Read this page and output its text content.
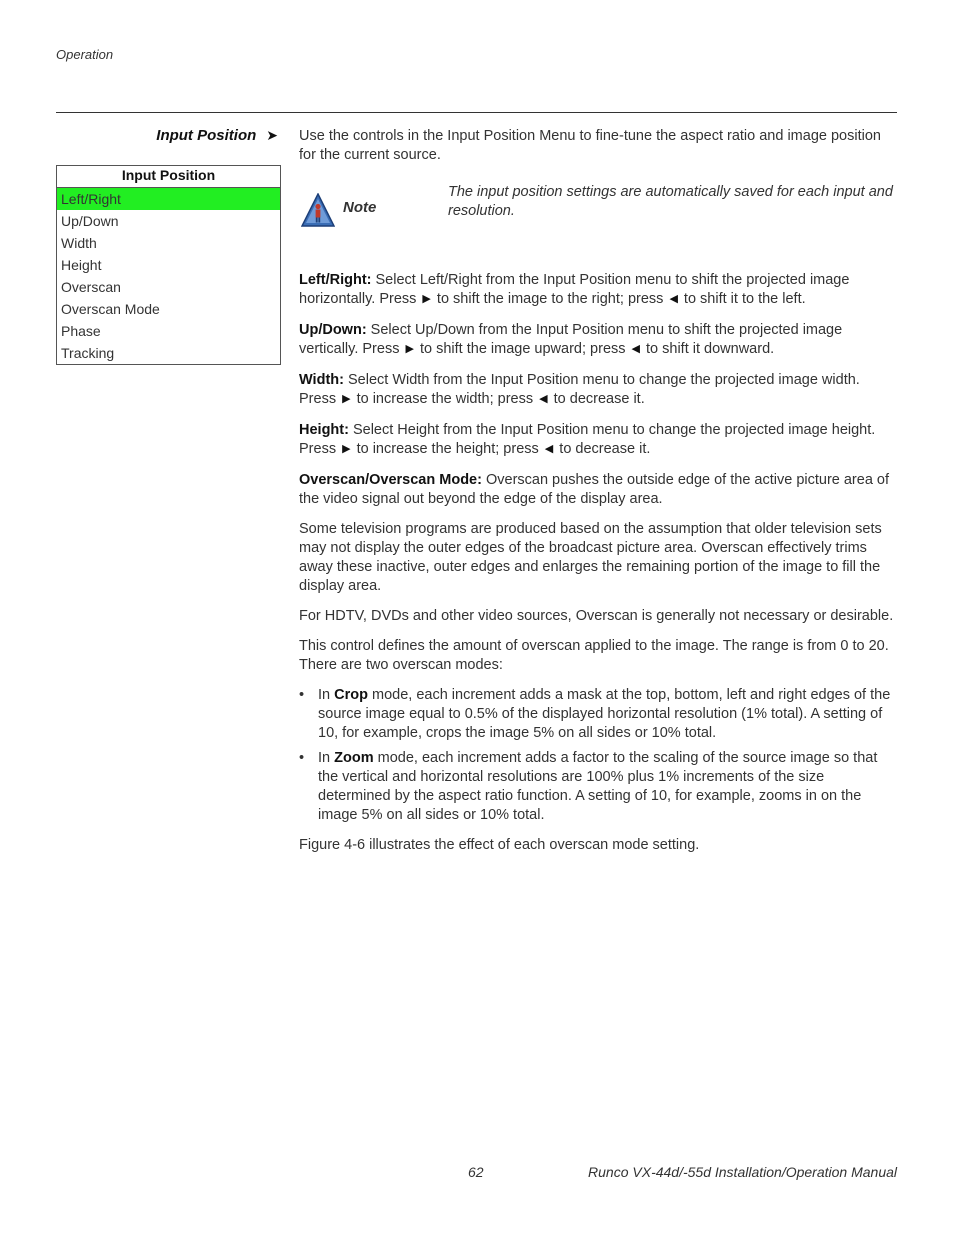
Operation
Input Position ➤
Input Position
Left/Right
Up/Down
Width
Height
Overscan
Overscan Mode
Phase
Tracking

Use the controls in the Input Position Menu to fine-tune the aspect ratio and image position for the current source.

Note
The input position settings are automatically saved for each input and resolution.

Left/Right: Select Left/Right from the Input Position menu to shift the projected image horizontally. Press ▶ to shift the image to the right; press ◀ to shift it to the left.

Up/Down: Select Up/Down from the Input Position menu to shift the projected image vertically. Press ▶ to shift the image upward; press ◀ to shift it downward.

Width: Select Width from the Input Position menu to change the projected image width. Press ▶ to increase the width; press ◀ to decrease it.

Height: Select Height from the Input Position menu to change the projected image height. Press ▶ to increase the height; press ◀ to decrease it.

Overscan/Overscan Mode: Overscan pushes the outside edge of the active picture area of the video signal out beyond the edge of the display area.

Some television programs are produced based on the assumption that older television sets may not display the outer edges of the broadcast picture area. Overscan effectively trims away these inactive, outer edges and enlarges the remaining portion of the image to fill the display area.

For HDTV, DVDs and other video sources, Overscan is generally not necessary or desirable.

This control defines the amount of overscan applied to the image. The range is from 0 to 20. There are two overscan modes:

• In Crop mode, each increment adds a mask at the top, bottom, left and right edges of the source image equal to 0.5% of the displayed horizontal resolution (1% total). A setting of 10, for example, crops the image 5% on all sides or 10% total.
• In Zoom mode, each increment adds a factor to the scaling of the source image so that the vertical and horizontal resolutions are 100% plus 1% increments of the size determined by the aspect ratio function. A setting of 10, for example, zooms in on the image 5% on all sides or 10% total.

Figure 4-6 illustrates the effect of each overscan mode setting.

62	Runco VX-44d/-55d Installation/Operation Manual
